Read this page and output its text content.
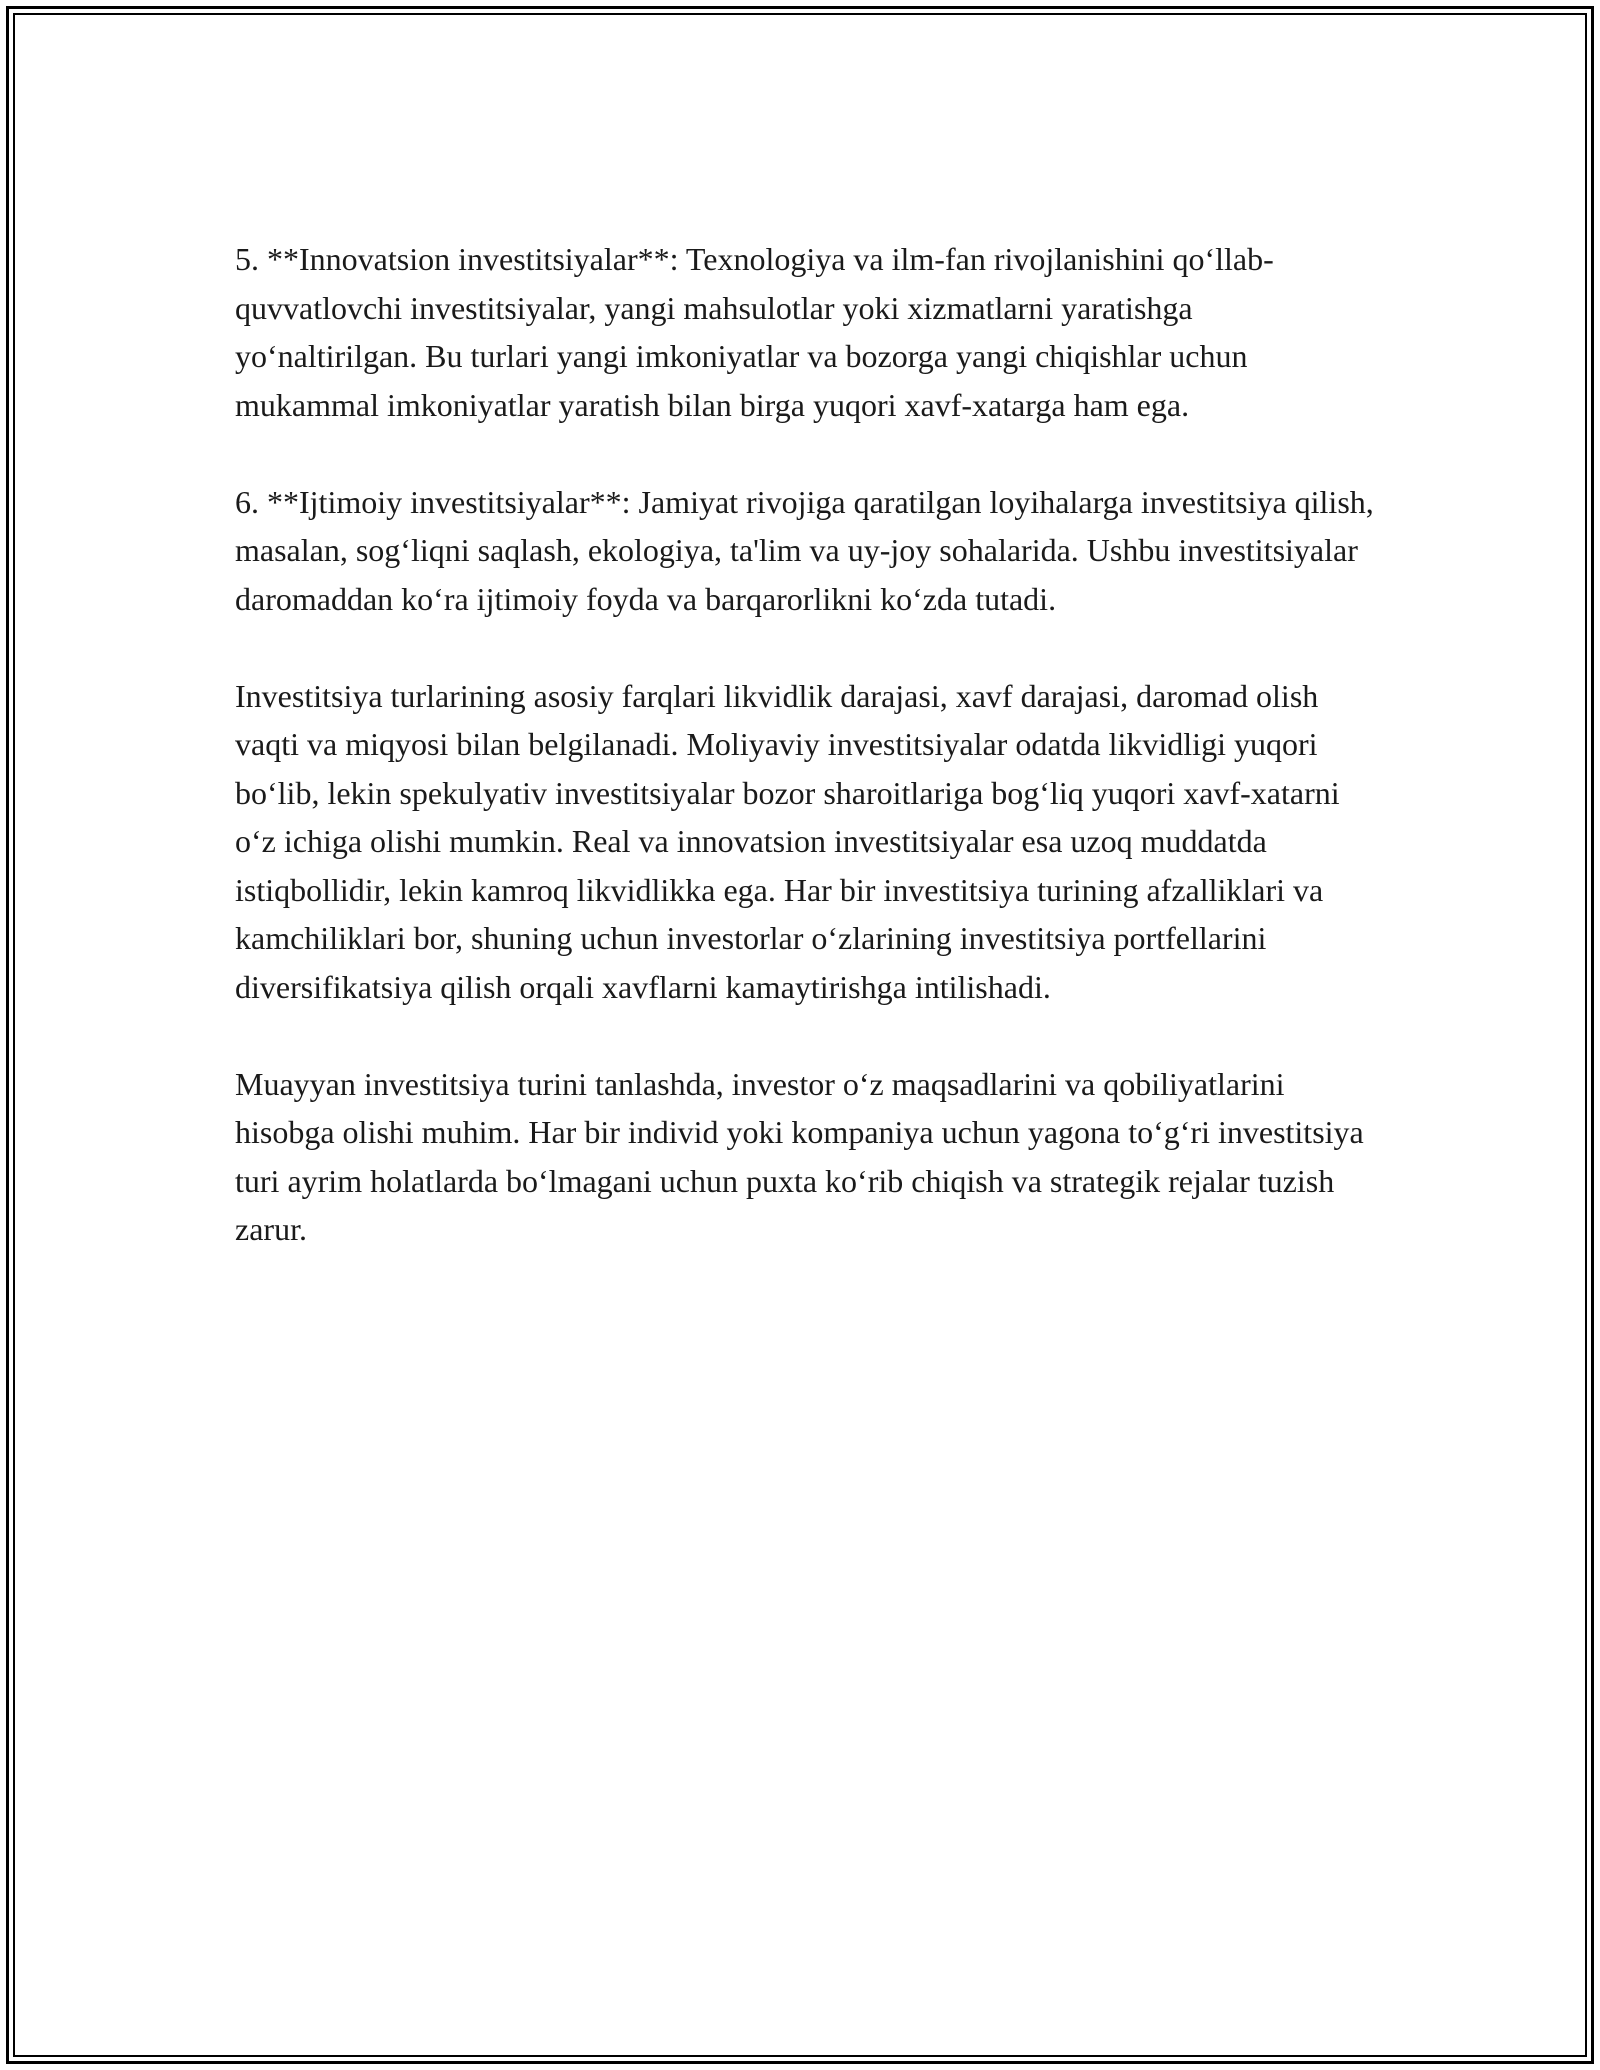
5. **Innovatsion investitsiyalar**: Texnologiya va ilm-fan rivojlanishini qo‘llab-quvvatlovchi investitsiyalar, yangi mahsulotlar yoki xizmatlarni yaratishga yo‘naltirilgan. Bu turlari yangi imkoniyatlar va bozorga yangi chiqishlar uchun mukammal imkoniyatlar yaratish bilan birga yuqori xavf-xatarga ham ega.

6. **Ijtimoiy investitsiyalar**: Jamiyat rivojiga qaratilgan loyihalarga investitsiya qilish, masalan, sog‘liqni saqlash, ekologiya, ta'lim va uy-joy sohalarida. Ushbu investitsiyalar daromaddan ko‘ra ijtimoiy foyda va barqarorlikni ko‘zda tutadi.

Investitsiya turlarining asosiy farqlari likvidlik darajasi, xavf darajasi, daromad olish vaqti va miqyosi bilan belgilanadi. Moliyaviy investitsiyalar odatda likvidligi yuqori bo‘lib, lekin spekulyativ investitsiyalar bozor sharoitlariga bog‘liq yuqori xavf-xatarni o‘z ichiga olishi mumkin. Real va innovatsion investitsiyalar esa uzoq muddatda istiqbollidir, lekin kamroq likvidlikka ega. Har bir investitsiya turining afzalliklari va kamchiliklari bor, shuning uchun investorlar o‘zlarining investitsiya portfellarini diversifikatsiya qilish orqali xavflarni kamaytirishga intilishadi.

Muayyan investitsiya turini tanlashda, investor o‘z maqsadlarini va qobiliyatlarini hisobga olishi muhim. Har bir individ yoki kompaniya uchun yagona to‘g‘ri investitsiya turi ayrim holatlarda bo‘lmagani uchun puxta ko‘rib chiqish va strategik rejalar tuzish zarur.
